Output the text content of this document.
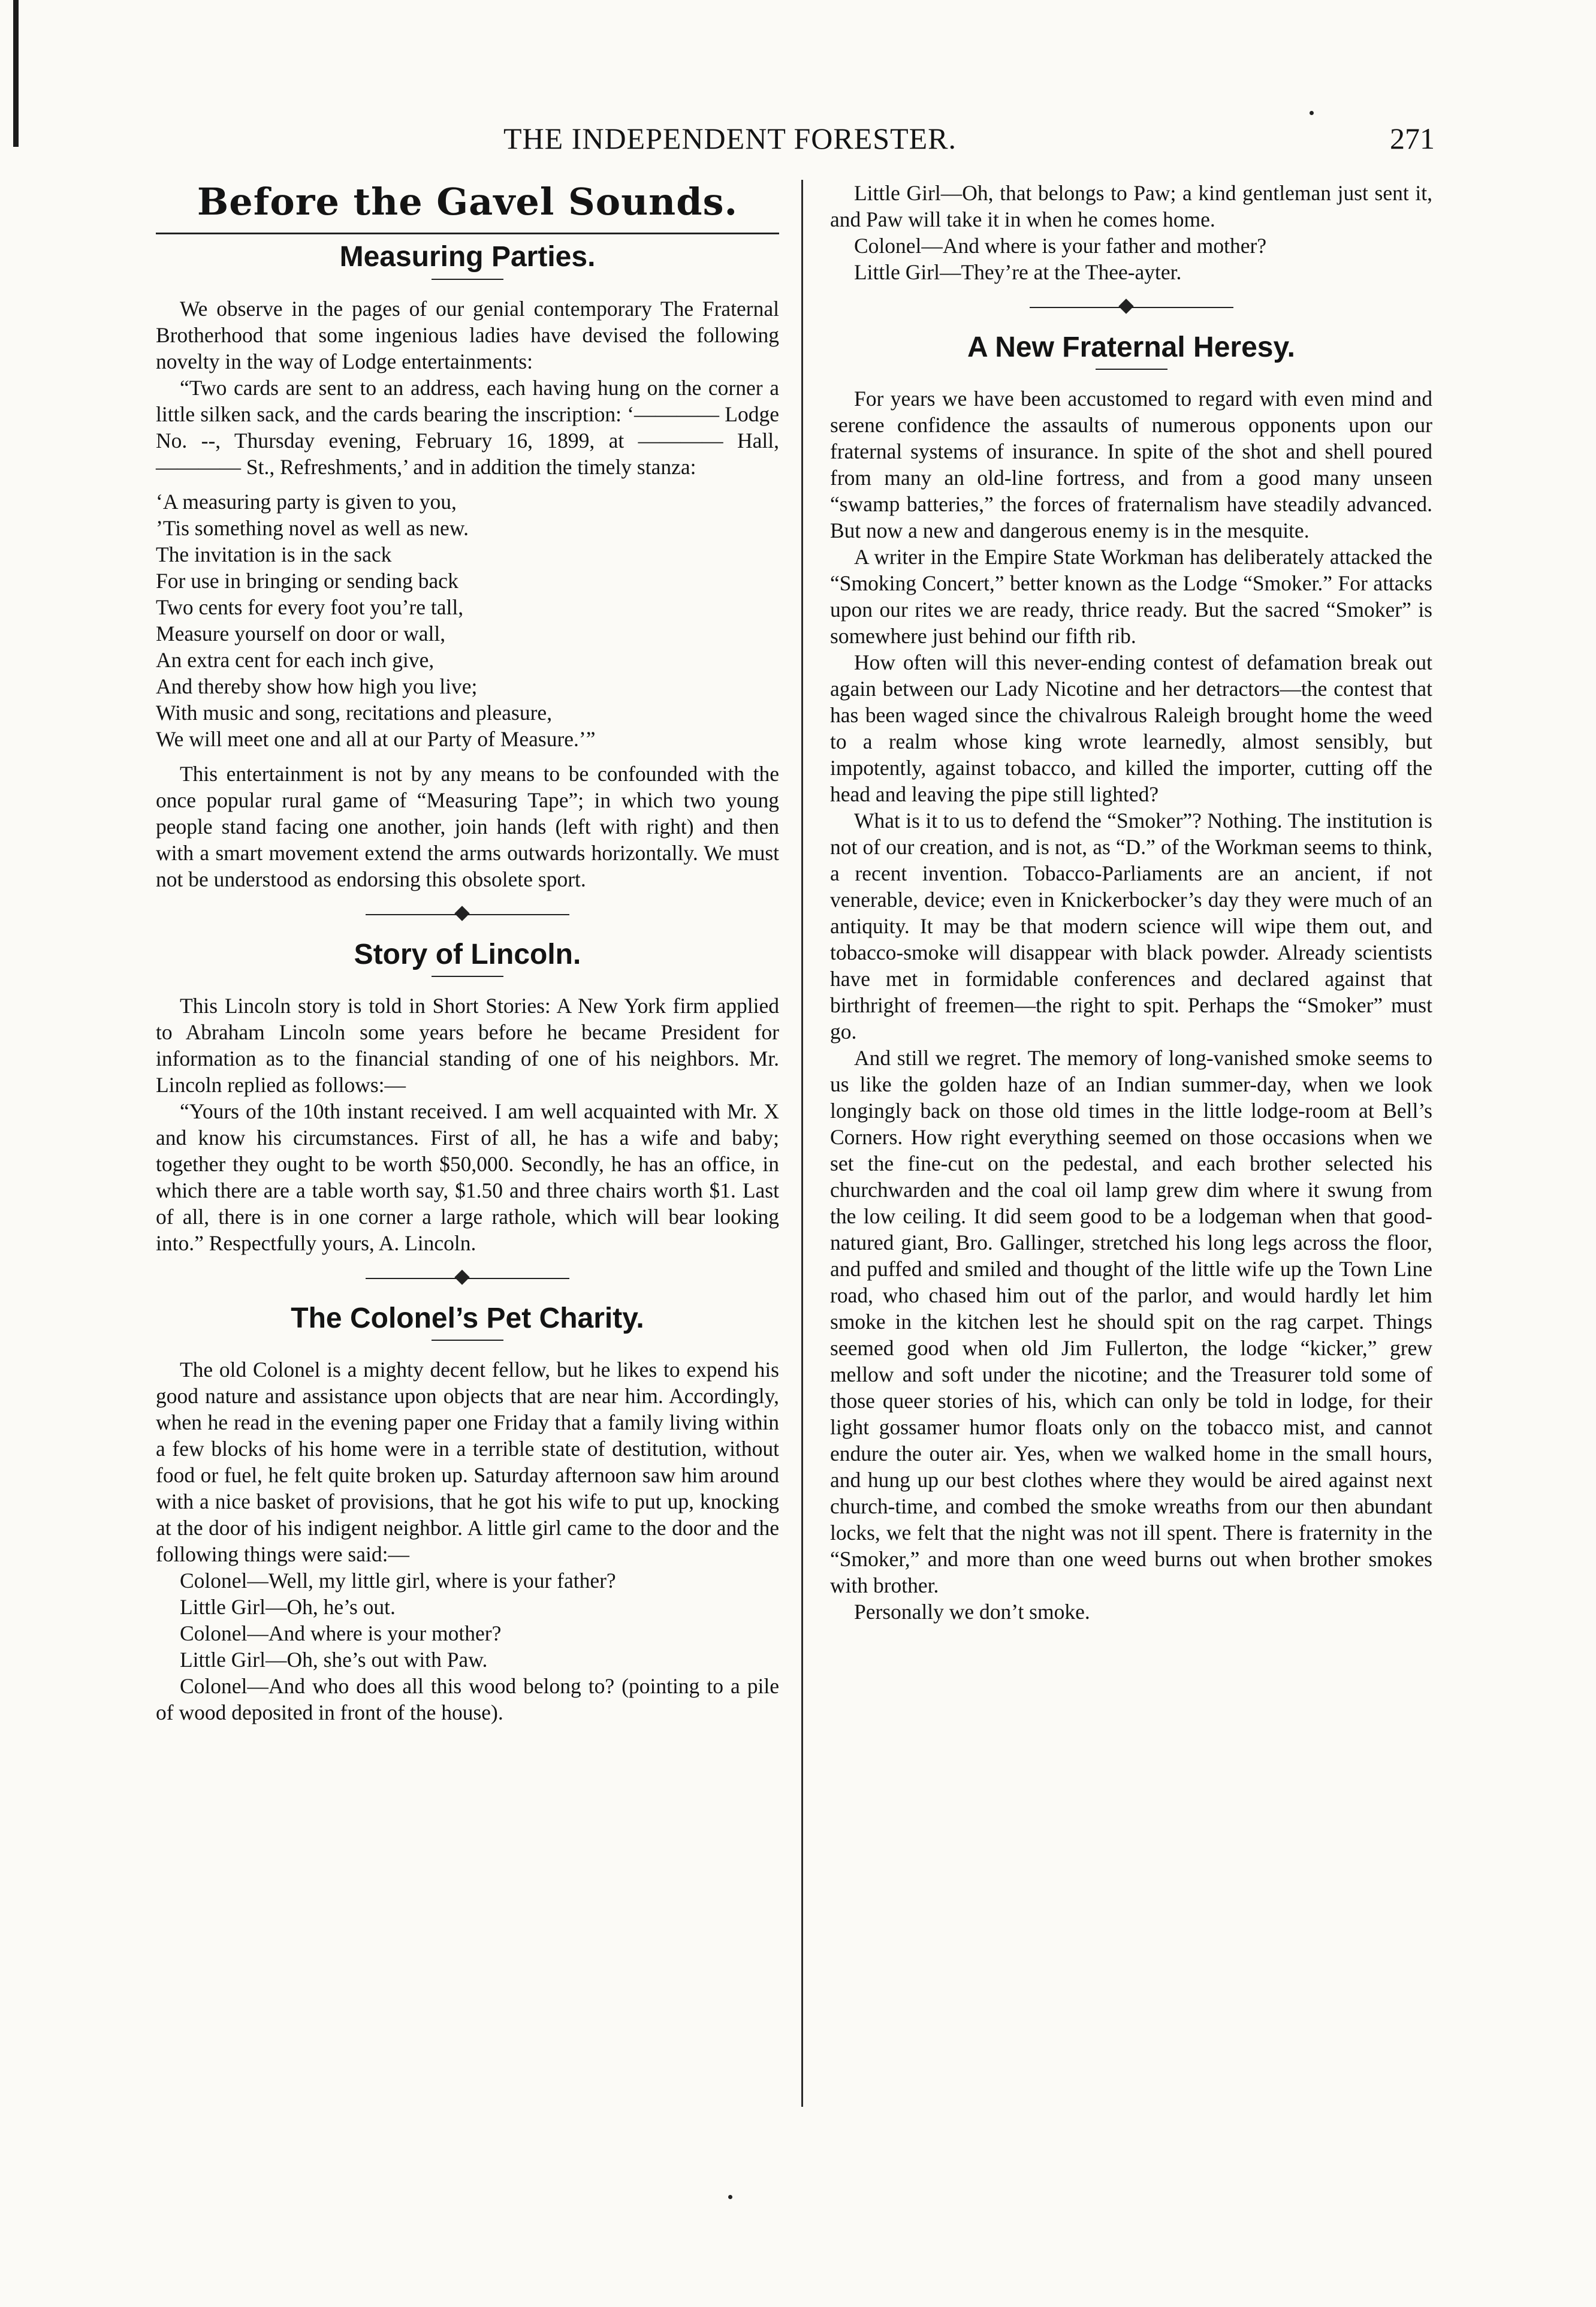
THE INDEPENDENT FORESTER.	271
Before the Gavel Sounds.
Measuring Parties.

We observe in the pages of our genial contemporary The Fraternal Brotherhood that some ingenious ladies have devised the following novelty in the way of Lodge entertainments:

“Two cards are sent to an address, each having hung on the corner a little silken sack, and the cards bearing the inscription: ‘———— Lodge No. --, Thursday evening, February 16, 1899, at ———— Hall, ———— St., Refreshments,’ and in addition the timely stanza:

‘A measuring party is given to you,

’Tis something novel as well as new.

The invitation is in the sack

For use in bringing or sending back

Two cents for every foot you’re tall,

Measure yourself on door or wall,

An extra cent for each inch give,

And thereby show how high you live;

With music and song, recitations and pleasure,

We will meet one and all at our Party of Measure.’”

This entertainment is not by any means to be confounded with the once popular rural game of “Measuring Tape”; in which two young people stand facing one another, join hands (left with right) and then with a smart movement extend the arms outwards horizontally. We must not be understood as endorsing this obsolete sport.

Story of Lincoln.

This Lincoln story is told in Short Stories: A New York firm applied to Abraham Lincoln some years before he became President for information as to the financial standing of one of his neighbors. Mr. Lincoln replied as follows:—

“Yours of the 10th instant received. I am well acquainted with Mr. X and know his circumstances. First of all, he has a wife and baby; together they ought to be worth $50,000. Secondly, he has an office, in which there are a table worth say, $1.50 and three chairs worth $1. Last of all, there is in one corner a large rathole, which will bear looking into.” Respectfully yours, A. Lincoln.

The Colonel’s Pet Charity.

The old Colonel is a mighty decent fellow, but he likes to expend his good nature and assistance upon objects that are near him. Accordingly, when he read in the evening paper one Friday that a family living within a few blocks of his home were in a terrible state of destitution, without food or fuel, he felt quite broken up. Saturday afternoon saw him around with a nice basket of provisions, that he got his wife to put up, knocking at the door of his indigent neighbor. A little girl came to the door and the following things were said:—

Colonel—Well, my little girl, where is your father?

Little Girl—Oh, he’s out.

Colonel—And where is your mother?

Little Girl—Oh, she’s out with Paw.

Colonel—And who does all this wood belong to? (pointing to a pile of wood deposited in front of the house).

Little Girl—Oh, that belongs to Paw; a kind gentleman just sent it, and Paw will take it in when he comes home.

Colonel—And where is your father and mother?

Little Girl—They’re at the Thee-ayter.

A New Fraternal Heresy.

For years we have been accustomed to regard with even mind and serene confidence the assaults of numerous opponents upon our fraternal systems of insurance. In spite of the shot and shell poured from many an old-line fortress, and from a good many unseen “swamp batteries,” the forces of fraternalism have steadily advanced. But now a new and dangerous enemy is in the mesquite.

A writer in the Empire State Workman has deliberately attacked the “Smoking Concert,” better known as the Lodge “Smoker.” For attacks upon our rites we are ready, thrice ready. But the sacred “Smoker” is somewhere just behind our fifth rib.

How often will this never-ending contest of defamation break out again between our Lady Nicotine and her detractors—the contest that has been waged since the chivalrous Raleigh brought home the weed to a realm whose king wrote learnedly, almost sensibly, but impotently, against tobacco, and killed the importer, cutting off the head and leaving the pipe still lighted?

What is it to us to defend the “Smoker”? Nothing. The institution is not of our creation, and is not, as “D.” of the Workman seems to think, a recent invention. Tobacco-Parliaments are an ancient, if not venerable, device; even in Knickerbocker’s day they were much of an antiquity. It may be that modern science will wipe them out, and tobacco-smoke will disappear with black powder. Already scientists have met in formidable conferences and declared against that birthright of freemen—the right to spit. Perhaps the “Smoker” must go.

And still we regret. The memory of long-vanished smoke seems to us like the golden haze of an Indian summer-day, when we look longingly back on those old times in the little lodge-room at Bell’s Corners. How right everything seemed on those occasions when we set the fine-cut on the pedestal, and each brother selected his churchwarden and the coal oil lamp grew dim where it swung from the low ceiling. It did seem good to be a lodgeman when that good-natured giant, Bro. Gallinger, stretched his long legs across the floor, and puffed and smiled and thought of the little wife up the Town Line road, who chased him out of the parlor, and would hardly let him smoke in the kitchen lest he should spit on the rag carpet. Things seemed good when old Jim Fullerton, the lodge “kicker,” grew mellow and soft under the nicotine; and the Treasurer told some of those queer stories of his, which can only be told in lodge, for their light gossamer humor floats only on the tobacco mist, and cannot endure the outer air. Yes, when we walked home in the small hours, and hung up our best clothes where they would be aired against next church-time, and combed the smoke wreaths from our then abundant locks, we felt that the night was not ill spent. There is fraternity in the “Smoker,” and more than one weed burns out when brother smokes with brother.

Personally we don’t smoke.
